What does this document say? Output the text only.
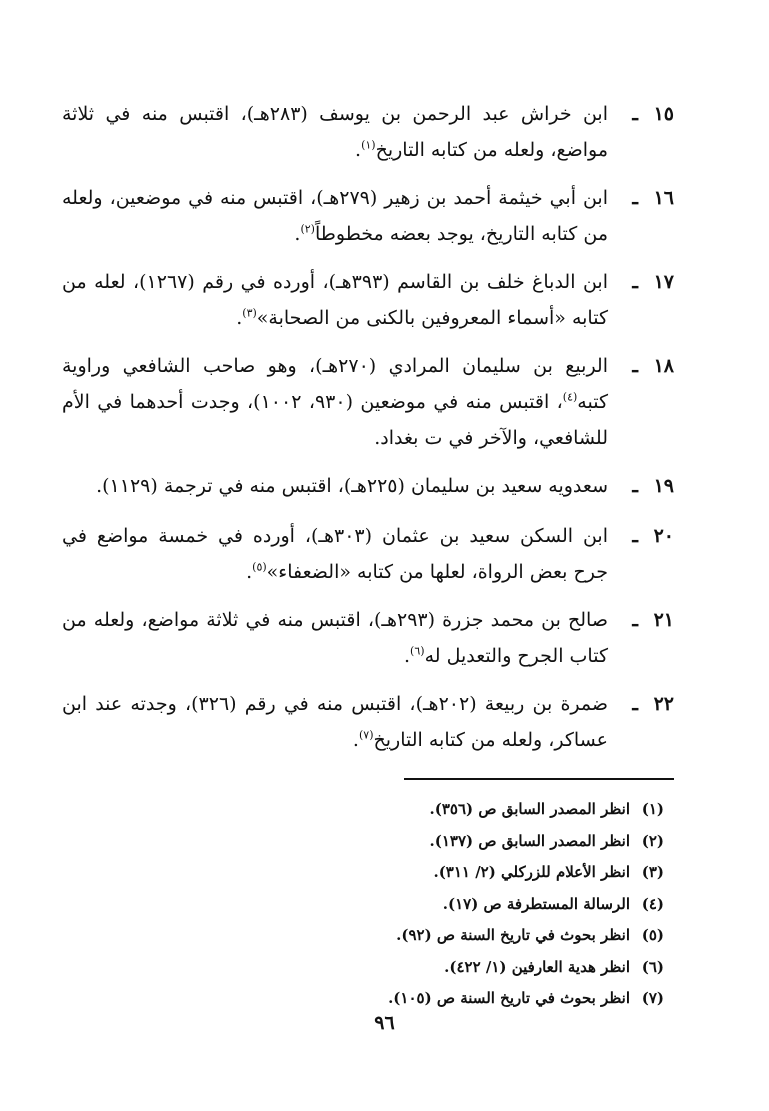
١٥
ـ
ابن خراش عبد الرحمن بن يوسف (٢٨٣هـ)، اقتبس منه في ثلاثة مواضع، ولعله من كتابه التاريخ$^{(١)}$.
١٦
ـ
ابن أبي خيثمة أحمد بن زهير (٢٧٩هـ)، اقتبس منه في موضعين، ولعله من كتابه التاريخ، يوجد بعضه مخطوطاً$^{(٢)}$.
١٧
ـ
ابن الدباغ خلف بن القاسم (٣٩٣هـ)، أورده في رقم (١٢٦٧)، لعله من كتابه «أسماء المعروفين بالكنى من الصحابة»$^{(٣)}$.
١٨
ـ
الربيع بن سليمان المرادي (٢٧٠هـ)، وهو صاحب الشافعي وراوية كتبه$^{(٤)}$، اقتبس منه في موضعين (٩٣٠، ١٠٠٢)، وجدت أحدهما في الأم للشافعي، والآخر في ت بغداد.
١٩
ـ
سعدويه سعيد بن سليمان (٢٢٥هـ)، اقتبس منه في ترجمة (١١٢٩).
٢٠
ـ
ابن السكن سعيد بن عثمان (٣٠٣هـ)، أورده في خمسة مواضع في جرح بعض الرواة، لعلها من كتابه «الضعفاء»$^{(٥)}$.
٢١
ـ
صالح بن محمد جزرة (٢٩٣هـ)، اقتبس منه في ثلاثة مواضع، ولعله من كتاب الجرح والتعديل له$^{(٦)}$.
٢٢
ـ
ضمرة بن ربيعة (٢٠٢هـ)، اقتبس منه في رقم (٣٢٦)، وجدته عند ابن عساكر، ولعله من كتابه التاريخ$^{(٧)}$.
(١)انظر المصدر السابق ص (٣٥٦).
(٢)انظر المصدر السابق ص (١٣٧).
(٣)انظر الأعلام للزركلي (٢/ ٣١١).
(٤)الرسالة المستطرفة ص (١٧).
(٥)انظر بحوث في تاريخ السنة ص (٩٢).
(٦)انظر هدية العارفين (١/ ٤٢٢).
(٧)انظر بحوث في تاريخ السنة ص (١٠٥).
٩٦
